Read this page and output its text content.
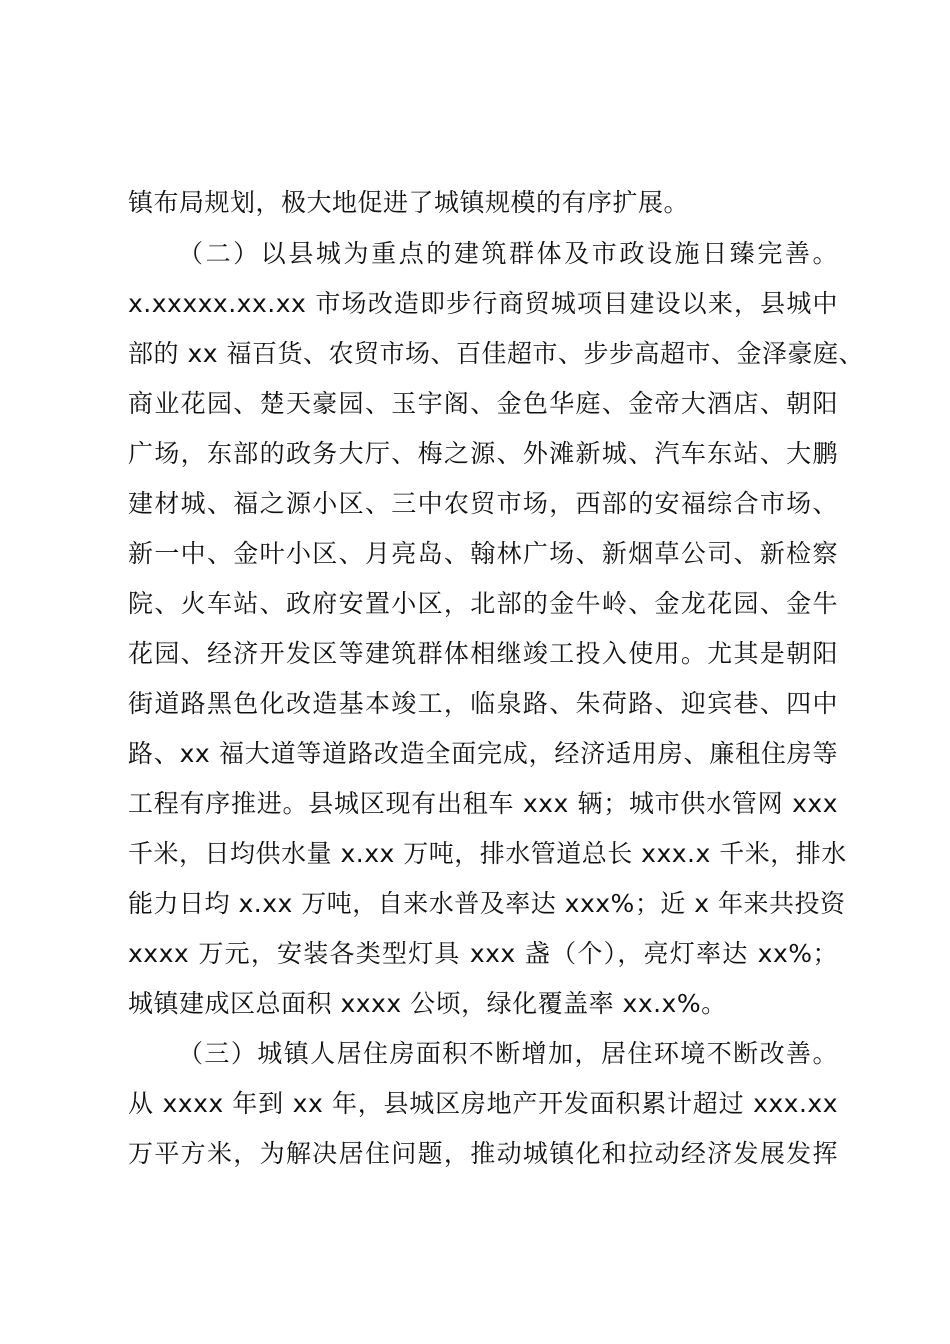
镇布局规划，极大地促进了城镇规模的有序扩展。
（二）以县城为重点的建筑群体及市政设施日臻完善。
x.xxxxx.xx.xx 市场改造即步行商贸城项目建设以来，县城中
部的 xx 福百货、农贸市场、百佳超市、步步高超市、金泽豪庭、
商业花园、楚天豪园、玉宇阁、金色华庭、金帝大酒店、朝阳
广场，东部的政务大厅、梅之源、外滩新城、汽车东站、大鹏
建材城、福之源小区、三中农贸市场，西部的安福综合市场、
新一中、金叶小区、月亮岛、翰林广场、新烟草公司、新检察
院、火车站、政府安置小区，北部的金牛岭、金龙花园、金牛
花园、经济开发区等建筑群体相继竣工投入使用。尤其是朝阳
街道路黑色化改造基本竣工，临泉路、朱荷路、迎宾巷、四中
路、xx 福大道等道路改造全面完成，经济适用房、廉租住房等
工程有序推进。县城区现有出租车 xxx 辆；城市供水管网 xxx
千米，日均供水量 x.xx 万吨，排水管道总长 xxx.x 千米，排水
能力日均 x.xx 万吨，自来水普及率达 xxx%；近 x 年来共投资
xxxx 万元，安装各类型灯具 xxx 盏（个），亮灯率达 xx%；
城镇建成区总面积 xxxx 公顷，绿化覆盖率 xx.x%。
（三）城镇人居住房面积不断增加，居住环境不断改善。
从 xxxx 年到 xx 年，县城区房地产开发面积累计超过 xxx.xx
万平方米，为解决居住问题，推动城镇化和拉动经济发展发挥
